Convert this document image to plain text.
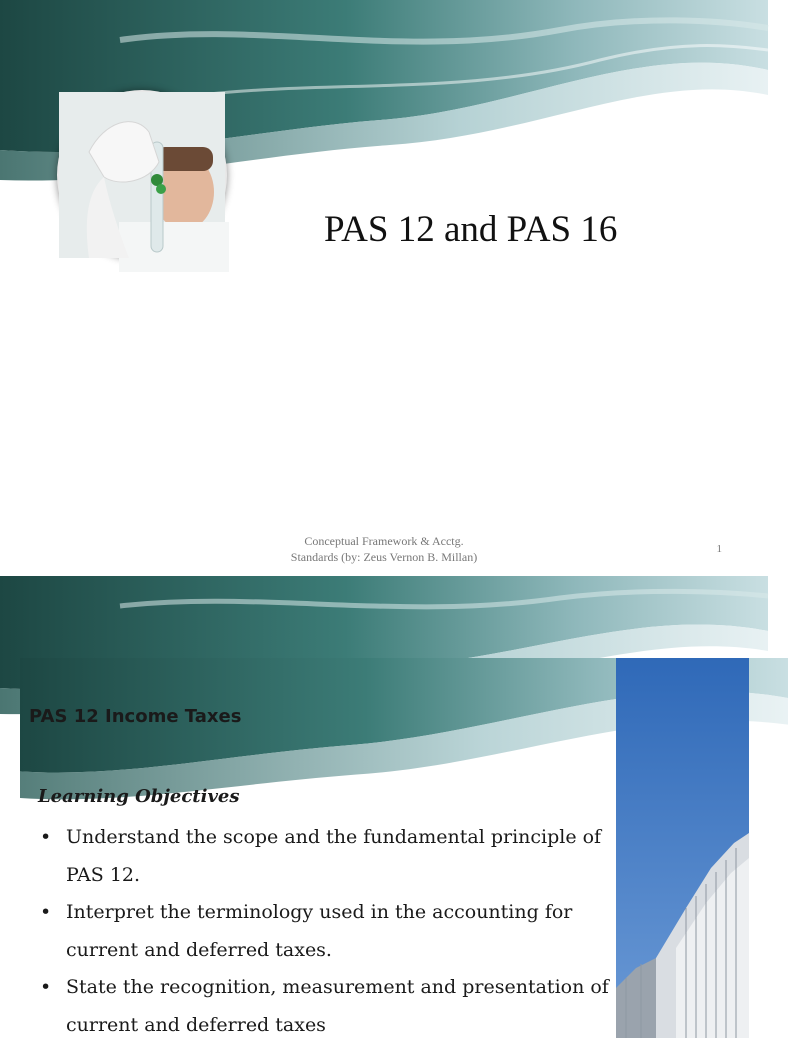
PAS 12 and PAS 16
Conceptual Framework & Acctg.
Standards (by: Zeus Vernon B. Millan)
1
PAS 12 Income Taxes
Learning Objectives
• Understand the scope and the fundamental principle of PAS 12.
• Interpret the terminology used in the accounting for current and deferred taxes.
• State the recognition, measurement and presentation of current and deferred taxes
